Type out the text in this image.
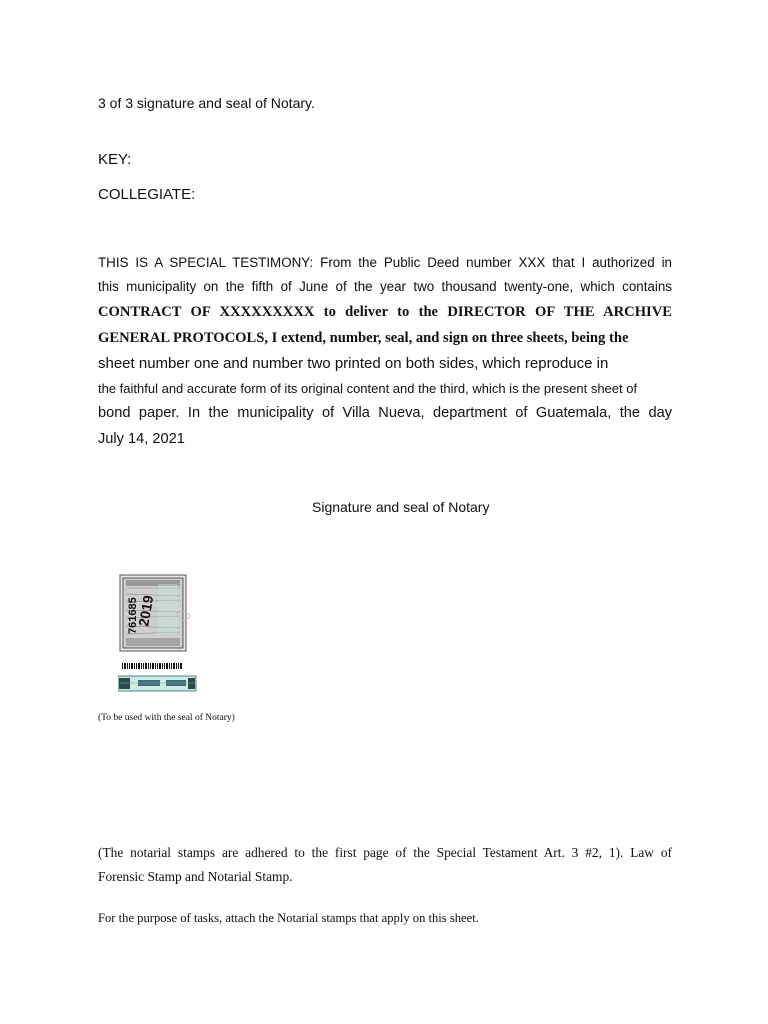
3 of 3 signature and seal of Notary.

KEY:

COLLEGIATE:

THIS IS A SPECIAL TESTIMONY: From the Public Deed number XXX that I authorized in

this municipality on the fifth of June of the year two thousand twenty-one, which contains

CONTRACT OF XXXXXXXXX to deliver to the DIRECTOR OF THE ARCHIVE

GENERAL PROTOCOLS, I extend, number, seal, and sign on three sheets, being the

sheet number one and number two printed on both sides, which reproduce in

the faithful and accurate form of its original content and the third, which is the present sheet of

bond paper. In the municipality of Villa Nueva, department of Guatemala, the day

July 14, 2021

Signature and seal of Notary

761685
2019
(To be used with the seal of Notary)

(The notarial stamps are adhered to the first page of the Special Testament Art. 3 #2, 1). Law of

Forensic Stamp and Notarial Stamp.

For the purpose of tasks, attach the Notarial stamps that apply on this sheet.
